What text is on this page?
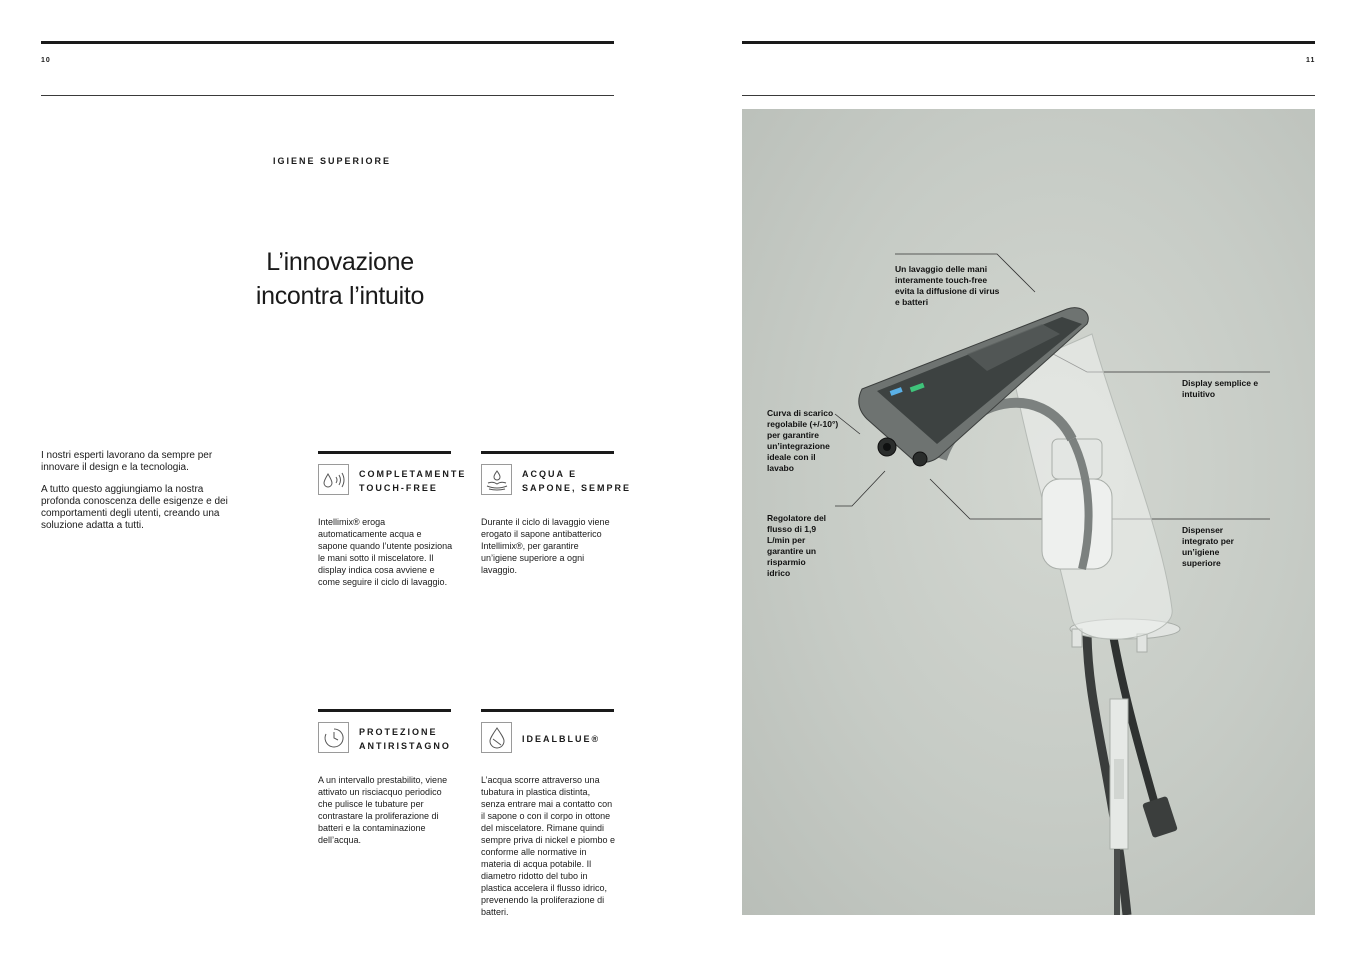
10
IGIENE SUPERIORE
L’innovazione
incontra l’intuito

I nostri esperti lavorano da sempre per innovare il design e la tecnologia.

A tutto questo aggiungiamo la nostra profonda conoscenza delle esigenze e dei comportamenti degli utenti, creando una soluzione adatta a tutti.

COMPLETAMENTE
TOUCH-FREE
Intellimix® eroga automaticamente acqua e sapone quando l’utente posiziona le mani sotto il miscelatore. Il display indica cosa avviene e come seguire il ciclo di lavaggio.
ACQUA E
SAPONE, SEMPRE
Durante il ciclo di lavaggio viene erogato il sapone antibatterico Intellimix®, per garantire un’igiene superiore a ogni lavaggio.
PROTEZIONE
ANTIRISTAGNO
A un intervallo prestabilito, viene attivato un risciacquo periodico che pulisce le tubature per contrastare la proliferazione di batteri e la contaminazione dell’acqua.
IDEALBLUE®
L’acqua scorre attraverso una tubatura in plastica distinta, senza entrare mai a contatto con il sapone o con il corpo in ottone del miscelatore. Rimane quindi sempre priva di nickel e piombo e conforme alle normative in materia di acqua potabile. Il diametro ridotto del tubo in plastica accelera il flusso idrico, prevenendo la proliferazione di batteri.
11
Un lavaggio delle mani interamente touch-free evita la diffusione di virus e batteri
Display semplice e intuitivo
Curva di scarico regolabile (+/-10°) per garantire un’integrazione ideale con il lavabo
Regolatore del flusso di 1,9 L/min per garantire un risparmio idrico
Dispenser integrato per un’igiene superiore
